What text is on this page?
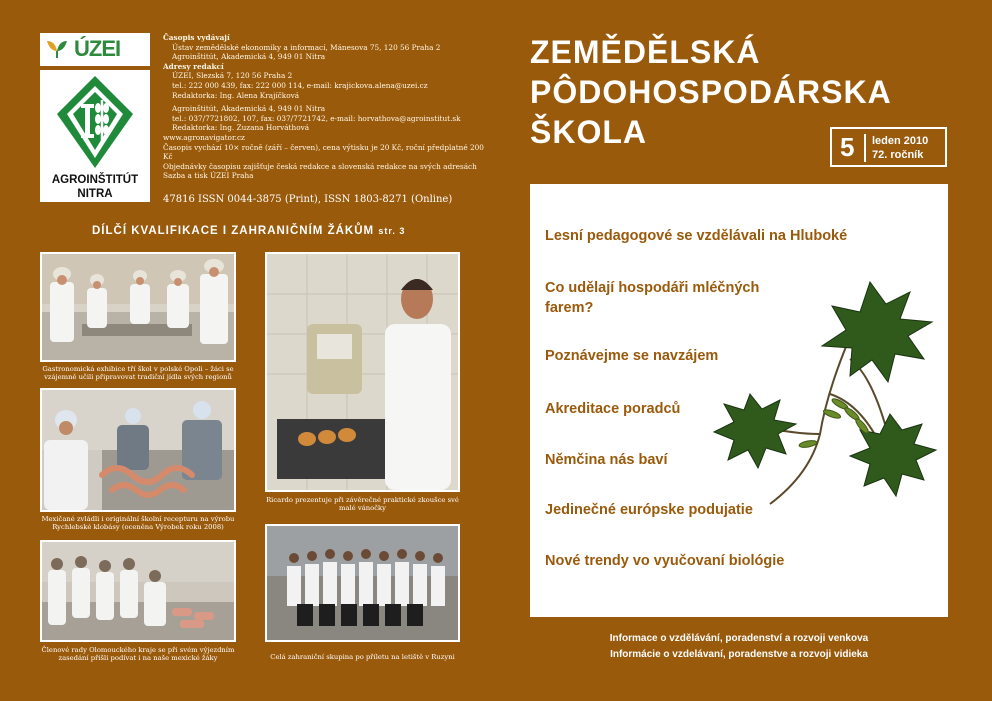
ÚZEI
AGROINŠTITÚT
NITRA
Časopis vydávají
Ústav zemědělské ekonomiky a informací, Mánesova 75, 120 56 Praha 2
Agroinštitút, Akademická 4, 949 01 Nitra
Adresy redakcí
ÚZEI, Slezská 7, 120 56 Praha 2
tel.: 222 000 439, fax: 222 000 114, e-mail: krajickova.alena@uzei.cz
Redaktorka: Ing. Alena Krajíčková
Agroinštitút, Akademická 4, 949 01 Nitra
tel.: 037/7721802, 107, fax: 037/7721742, e-mail: horvathova@agroinstitut.sk
Redaktorka: Ing. Zuzana Horváthová
www.agronavigator.cz
Časopis vychází 10× ročně (září – červen), cena výtisku je 20 Kč, roční předplatné 200 Kč
Objednávky časopisu zajišťuje česká redakce a slovenská redakce na svých adresách
Sazba a tisk ÚZEI Praha
47816 ISSN 0044-3875 (Print), ISSN 1803-8271 (Online)
DÍLČÍ KVALIFIKACE I ZAHRANIČNÍM ŽÁKŮM str. 3
Gastronomická exhibice tří škol v polské Opoli – žáci se vzájemně učili připravovat tradiční jídla svých regionů
Mexičané zvládli i originální školní recepturu na výrobu Rychlebské klobásy (oceněna Výrobek roku 2008)
Členové rady Olomouckého kraje se při svém výjezdním zasedání přišli podívat i na naše mexické žáky
Ricardo prezentuje při závěrečné praktické zkoušce své malé vánočky
Celá zahraniční skupina po příletu na letiště v Ruzyni
ZEMĚDĚLSKÁ
PÔDOHOSPODÁRSKA
ŠKOLA	5 leden 2010
72. ročník
Lesní pedagogové se vzdělávali na Hluboké
Co udělají hospodáři mléčných
farem?
Poznávejme se navzájem
Akreditace poradců
Němčina nás baví
Jedinečné európske podujatie
Nové trendy vo vyučovaní biológie
Informace o vzdělávání, poradenství a rozvoji venkova
Informácie o vzdelávaní, poradenstve a rozvoji vidieka
